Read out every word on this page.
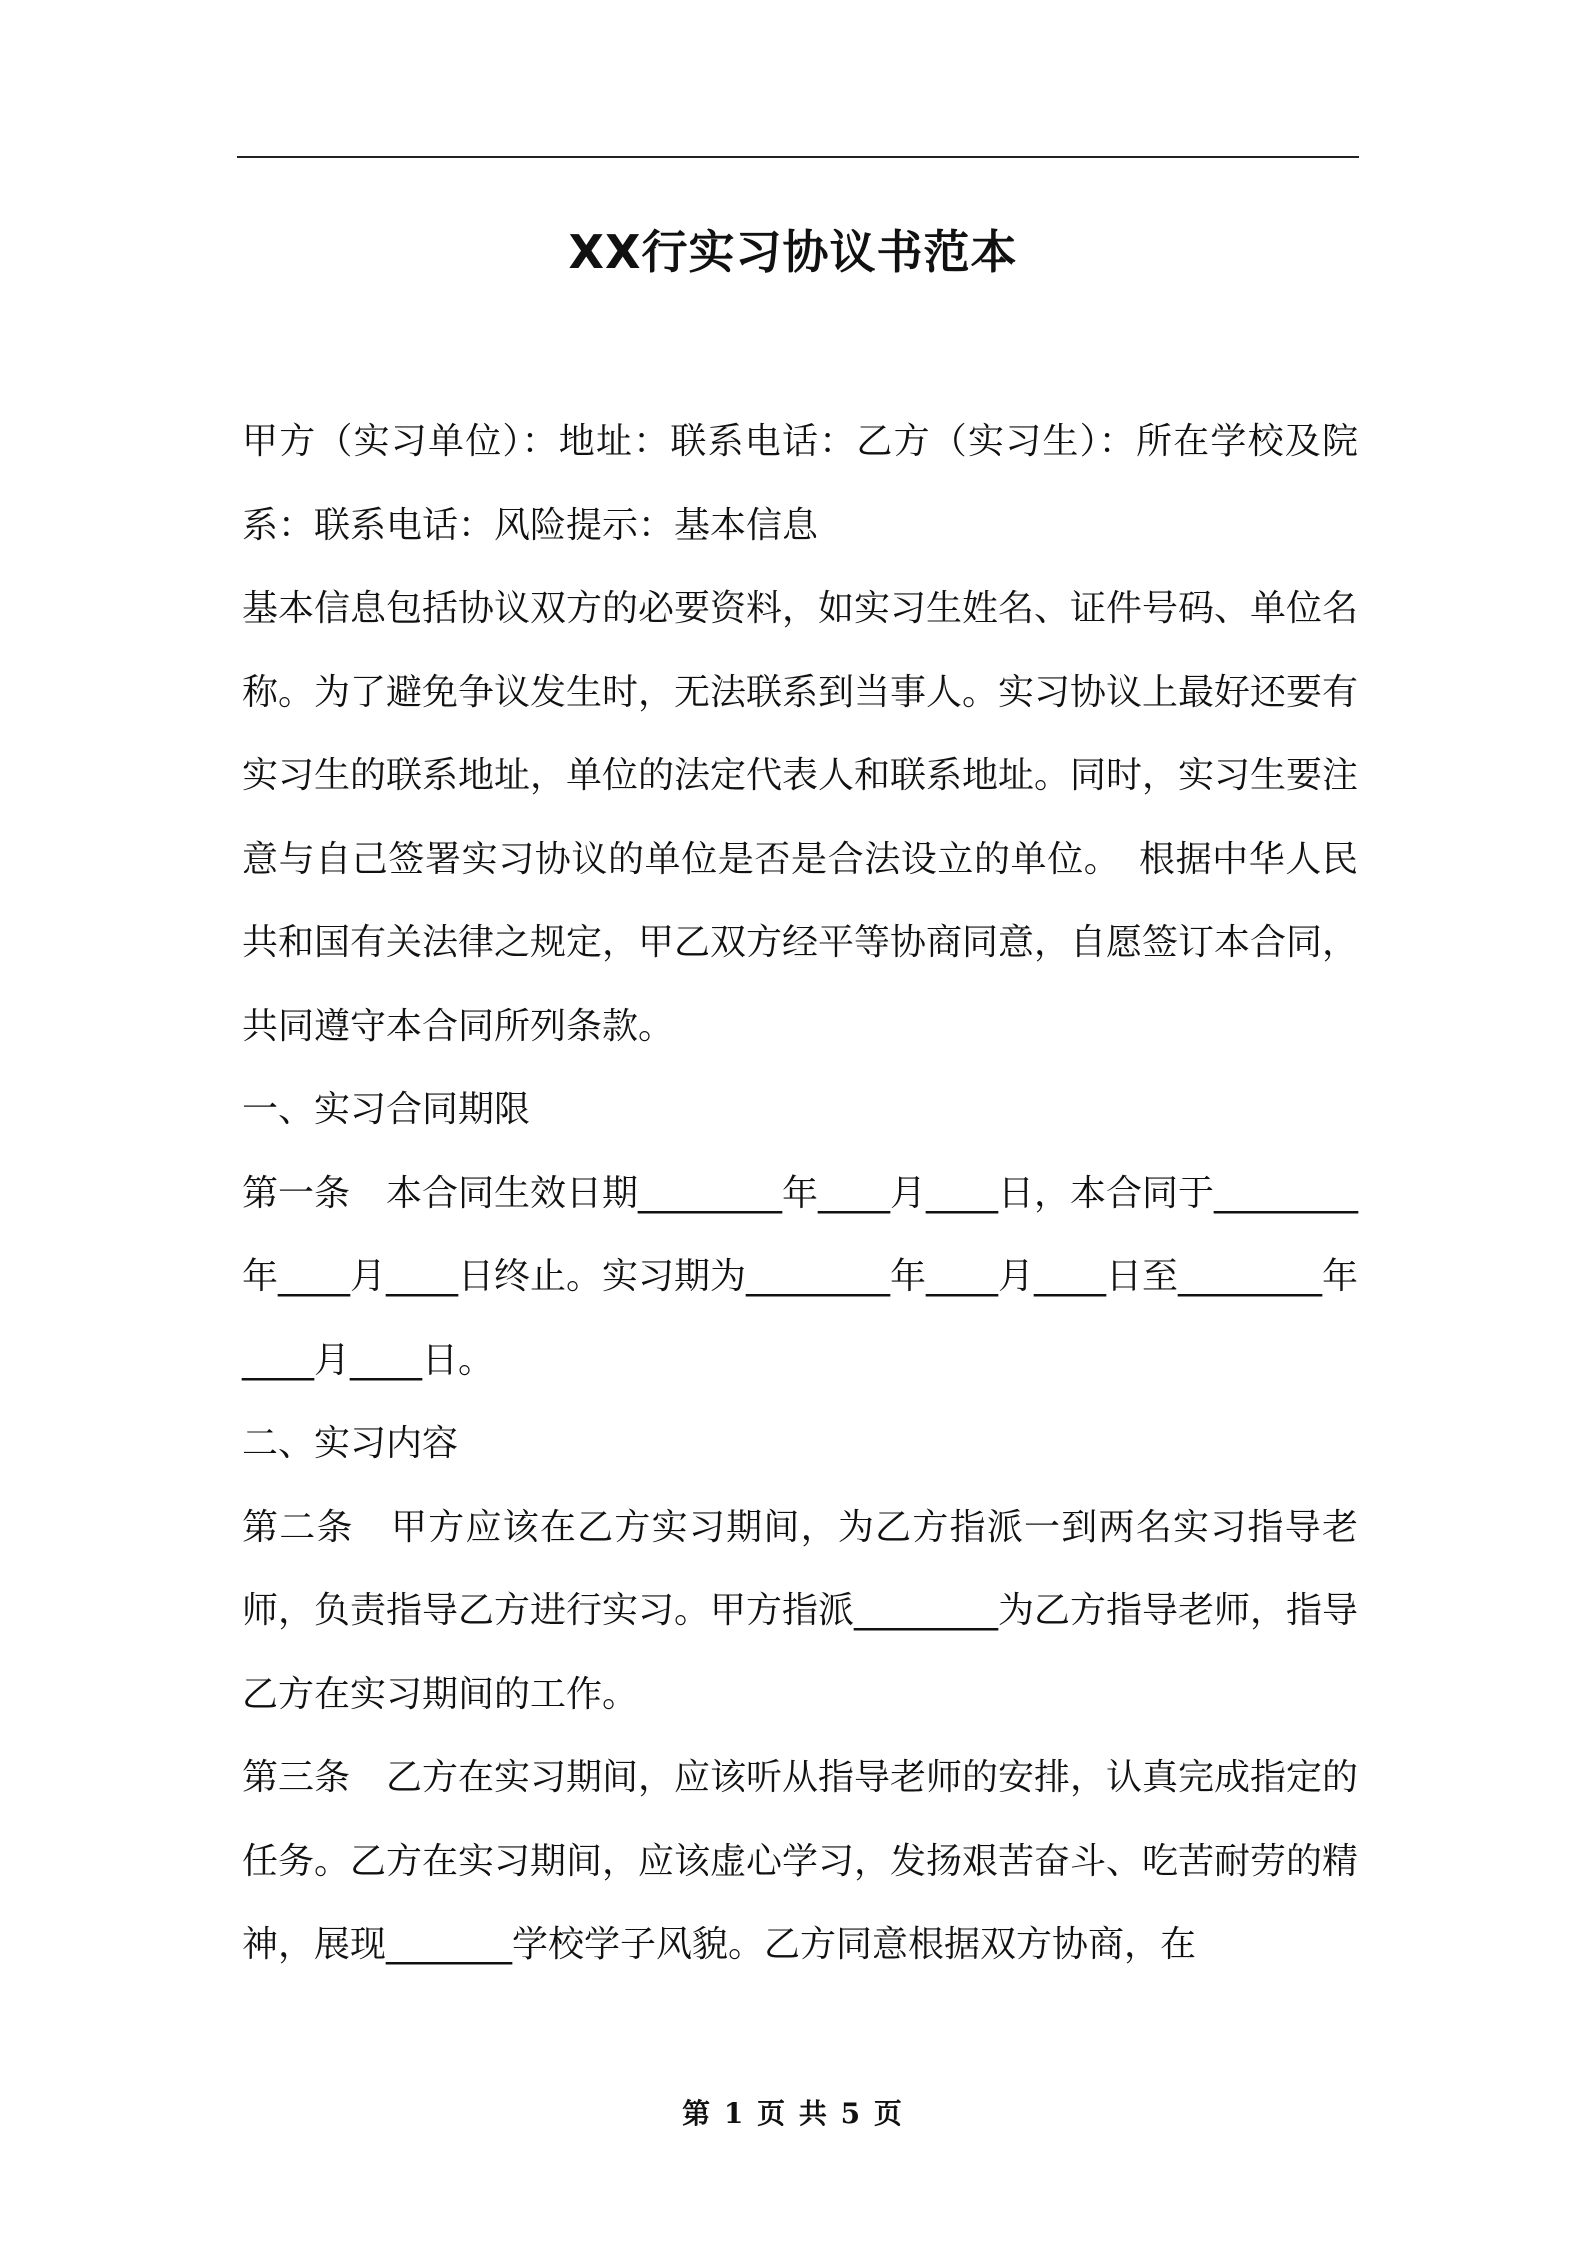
XX行实习协议书范本

甲方（实习单位）：地址：联系电话：乙方（实习生）：所在学校及院系：联系电话：风险提示：基本信息

基本信息包括协议双方的必要资料，如实习生姓名、证件号码、单位名称。为了避免争议发生时，无法联系到当事人。实习协议上最好还要有实习生的联系地址，单位的法定代表人和联系地址。同时，实习生要注意与自己签署实习协议的单位是否是合法设立的单位。　根据中华人民共和国有关法律之规定，甲乙双方经平等协商同意，自愿签订本合同，共同遵守本合同所列条款。

一、实习合同期限

第一条　本合同生效日期________年____月____日，本合同于________年____月____日终止。实习期为________年____月____日至________年____月____日。

二、实习内容

第二条　甲方应该在乙方实习期间，为乙方指派一到两名实习指导老师，负责指导乙方进行实习。甲方指派________为乙方指导老师，指导乙方在实习期间的工作。

第三条　乙方在实习期间，应该听从指导老师的安排，认真完成指定的任务。乙方在实习期间，应该虚心学习，发扬艰苦奋斗、吃苦耐劳的精神，展现_______学校学子风貌。乙方同意根据双方协商，在

第 1 页 共 5 页
